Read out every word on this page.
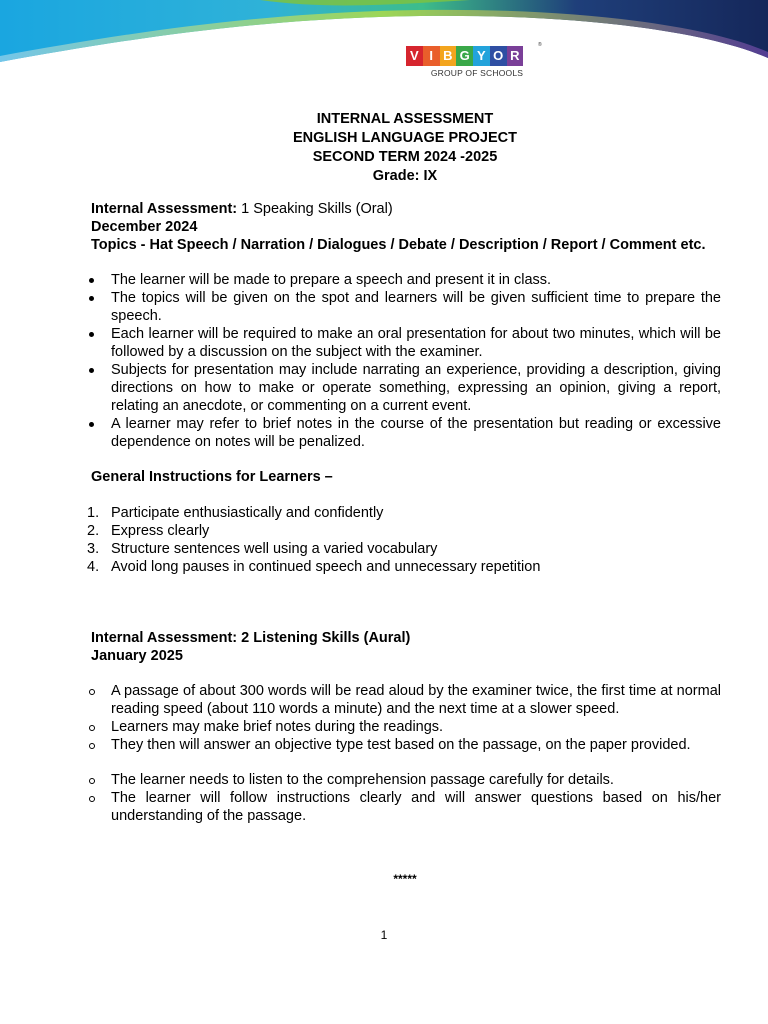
V I B G Y O R
GROUP OF SCHOOLS
®
INTERNAL ASSESSMENT
ENGLISH LANGUAGE PROJECT
SECOND TERM 2024 -2025
Grade: IX

Internal Assessment: 1 Speaking Skills (Oral)

December 2024

Topics - Hat Speech / Narration / Dialogues / Debate / Description / Report / Comment etc.

The learner will be made to prepare a speech and present it in class.
The topics will be given on the spot and learners will be given sufficient time to prepare the speech.
Each learner will be required to make an oral presentation for about two minutes, which will be followed by a discussion on the subject with the examiner.
Subjects for presentation may include narrating an experience, providing a description, giving directions on how to make or operate something, expressing an opinion, giving a report, relating an anecdote, or commenting on a current event.
A learner may refer to brief notes in the course of the presentation but reading or excessive dependence on notes will be penalized.

General Instructions for Learners –

1. Participate enthusiastically and confidently
2. Express clearly
3. Structure sentences well using a varied vocabulary
4. Avoid long pauses in continued speech and unnecessary repetition

Internal Assessment: 2 Listening Skills (Aural)

January 2025

A passage of about 300 words will be read aloud by the examiner twice, the first time at normal reading speed (about 110 words a minute) and the next time at a slower speed.
Learners may make brief notes during the readings.
They then will answer an objective type test based on the passage, on the paper provided.
The learner needs to listen to the comprehension passage carefully for details.
The learner will follow instructions clearly and will answer questions based on his/her understanding of the passage.
*****
1
